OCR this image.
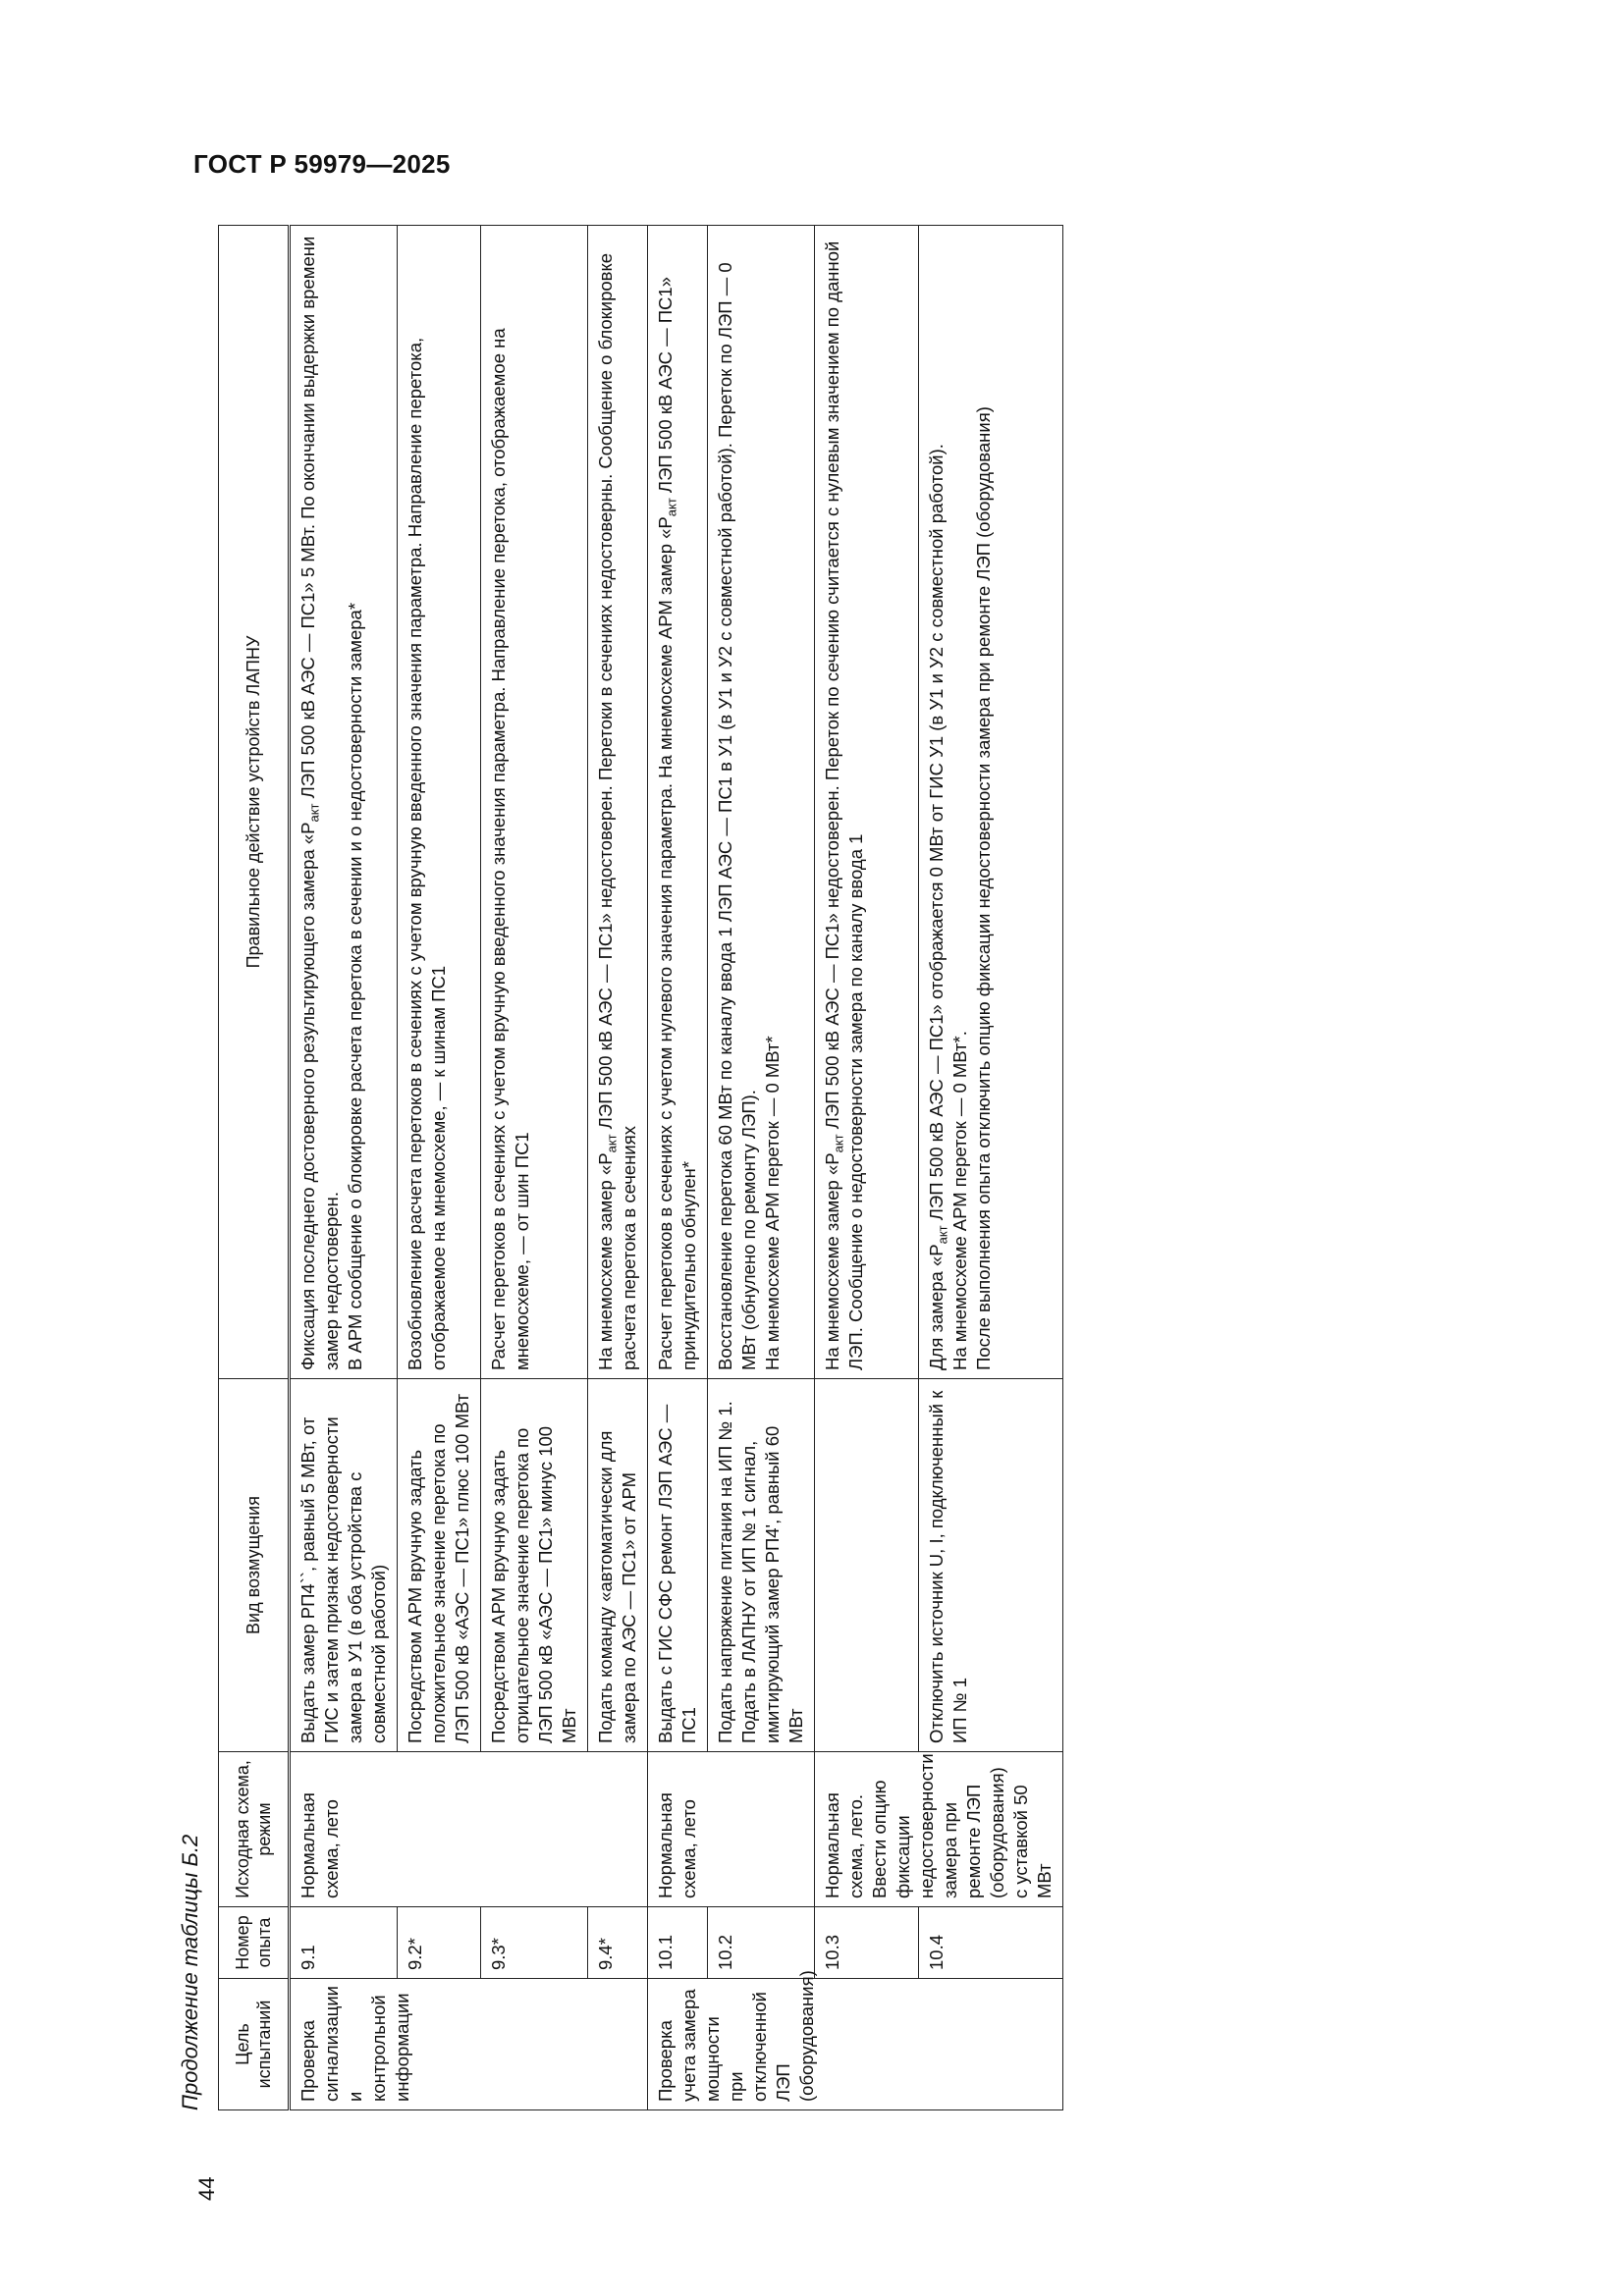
ГОСТ Р 59979—2025
44
Продолжение таблицы Б.2 Цель испытаний	Номер опыта	Исходная схема, режим	Вид возмущения	Правильное действие устройств ЛАПНУ
Проверка сигнализации и контрольной информации	9.1	Нормальная схема, лето	Выдать замер РП4``, равный 5 МВт, от ГИС и затем признак недостоверности замера в У1 (в оба устройства с совместной работой)	Фиксация последнего достоверного результирующего замера «$P_{акт}$ ЛЭП 500 кВ АЭС — ПС1» 5 МВт. По окончании выдержки времени замер недостоверен. В АРМ сообщение о блокировке расчета перетока в сечении и о недостоверности замера*

	9.2*		Посредством АРМ вручную задать положительное значение перетока по ЛЭП 500 кВ «АЭС — ПС1» плюс 100 МВт	Возобновление расчета перетоков в сечениях с учетом вручную введенного значения параметра. Направление перетока, отображаемое на мнемосхеме, — к шинам ПС1
	9.3*		Посредством АРМ вручную задать отрицательное значение перетока по ЛЭП 500 кВ «АЭС — ПС1» минус 100 МВт	Расчет перетоков в сечениях с учетом вручную введенного значения параметра. Направление перетока, отображаемое на мнемосхеме, — от шин ПС1
	9.4*		Подать команду «автоматически для замера по АЭС — ПС1» от АРМ	На мнемосхеме замер «$P_{акт}$ ЛЭП 500 кВ АЭС — ПС1» недостоверен. Перетоки в сечениях недостоверны. Сообщение о блокировке расчета перетока в сечениях
Проверка учета замера мощности при отключенной ЛЭП (оборудования)	10.1	Нормальная схема, лето	Выдать с ГИС СФС ремонт ЛЭП АЭС — ПС1	Расчет перетоков в сечениях с учетом нулевого значения параметра. На мнемосхеме АРМ замер «$P_{акт}$ ЛЭП 500 кВ АЭС — ПС1» принудительно обнулен*
	10.2		Подать напряжение питания на ИП № 1. Подать в ЛАПНУ от ИП № 1 сигнал, имитирующий замер РП4', равный 60 МВт	Восстановление перетока 60 МВт по каналу ввода 1 ЛЭП АЭС — ПС1 в У1 (в У1 и У2 с совместной работой). Переток по ЛЭП — 0 МВт (обнулено по ремонту ЛЭП). На мнемосхеме АРМ переток — 0 МВт*

	10.3	Нормальная схема, лето. Ввести опцию фиксации недостоверности замера при ремонте ЛЭП (оборудования) с уставкой 50 МВт		На мнемосхеме замер «$P_{акт}$ ЛЭП 500 кВ АЭС — ПС1» недостоверен. Переток по сечению считается с нулевым значением по данной ЛЭП. Сообщение о недостоверности замера по каналу ввода 1
	10.4		Отключить источник U, I, подключенный к ИП № 1	Для замера «$P_{акт}$ ЛЭП 500 кВ АЭС — ПС1» отображается 0 МВт от ГИС У1 (в У1 и У2 с совместной работой). На мнемосхеме АРМ переток — 0 МВт*. После выполнения опыта отключить опцию фиксации недостоверности замера при ремонте ЛЭП (оборудования)
